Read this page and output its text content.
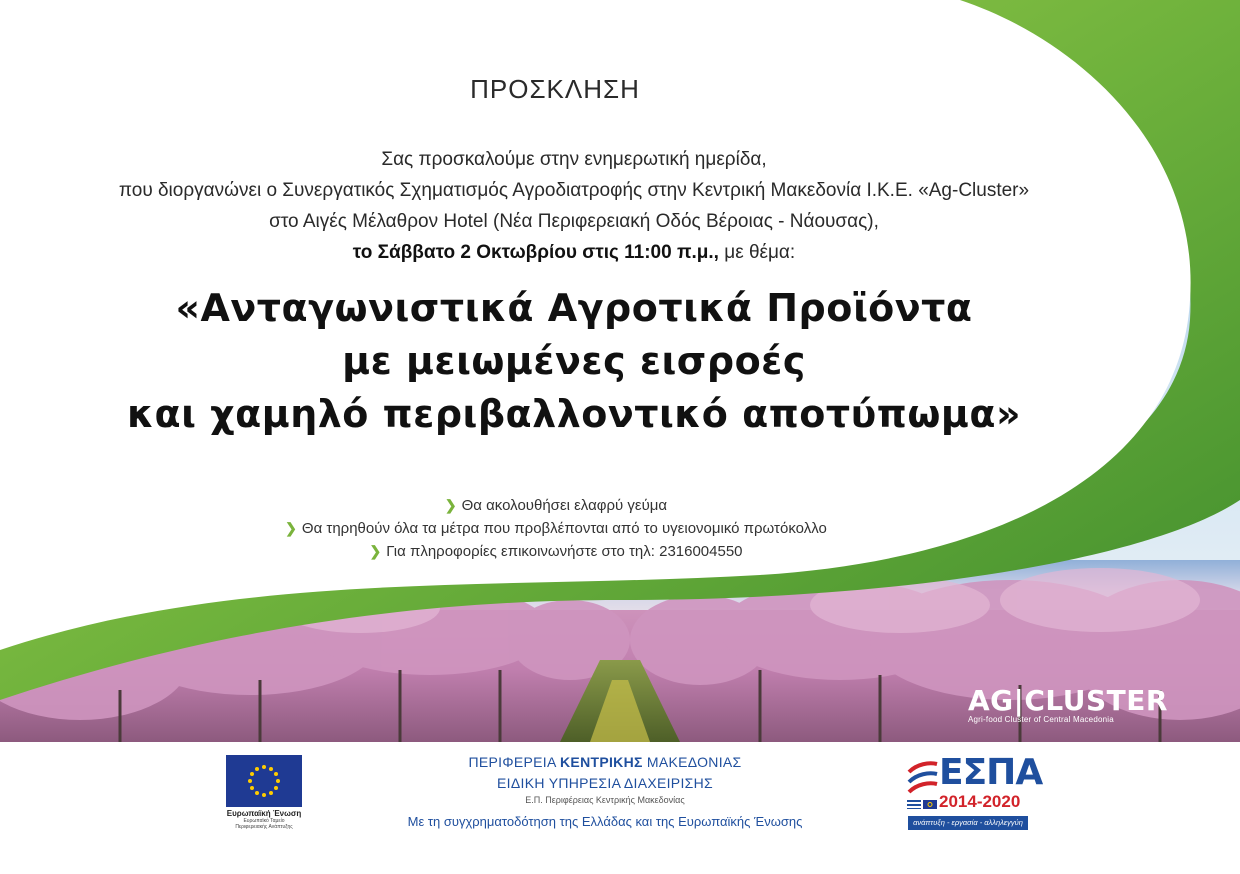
ΠΡΟΣΚΛΗΣΗ
Σας προσκαλούμε στην ενημερωτική ημερίδα,
που διοργανώνει ο Συνεργατικός Σχηματισμός Αγροδιατροφής στην Κεντρική Μακεδονία Ι.Κ.Ε. «Ag-Cluster»
στο Αιγές Μέλαθρον Hotel (Νέα Περιφερειακή Οδός Βέροιας - Νάουσας),
το Σάββατο 2 Οκτωβρίου στις 11:00 π.μ., με θέμα:
«Ανταγωνιστικά Αγροτικά Προϊόντα
με μειωμένες εισροές
και χαμηλό περιβαλλοντικό αποτύπωμα»
❯ Θα ακολουθήσει ελαφρύ γεύμα
❯ Θα τηρηθούν όλα τα μέτρα που προβλέπονται από το υγειονομικό πρωτόκολλο
❯ Για πληροφορίες επικοινωνήστε στο τηλ: 2316004550
AG|CLUSTER
Agri-food Cluster of Central Macedonia
Ευρωπαϊκή Ένωση
Ευρωπαϊκό Ταμείο
Περιφερειακής Ανάπτυξης
ΠΕΡΙΦΕΡΕΙΑ ΚΕΝΤΡΙΚΗΣ ΜΑΚΕΔΟΝΙΑΣ
ΕΙΔΙΚΗ ΥΠΗΡΕΣΙΑ ΔΙΑΧΕΙΡΙΣΗΣ
Ε.Π. Περιφέρειας Κεντρικής Μακεδονίας
Με τη συγχρηματοδότηση της Ελλάδας και της Ευρωπαϊκής Ένωσης
ΕΣΠΑ
2014-2020
ανάπτυξη - εργασία - αλληλεγγύη
